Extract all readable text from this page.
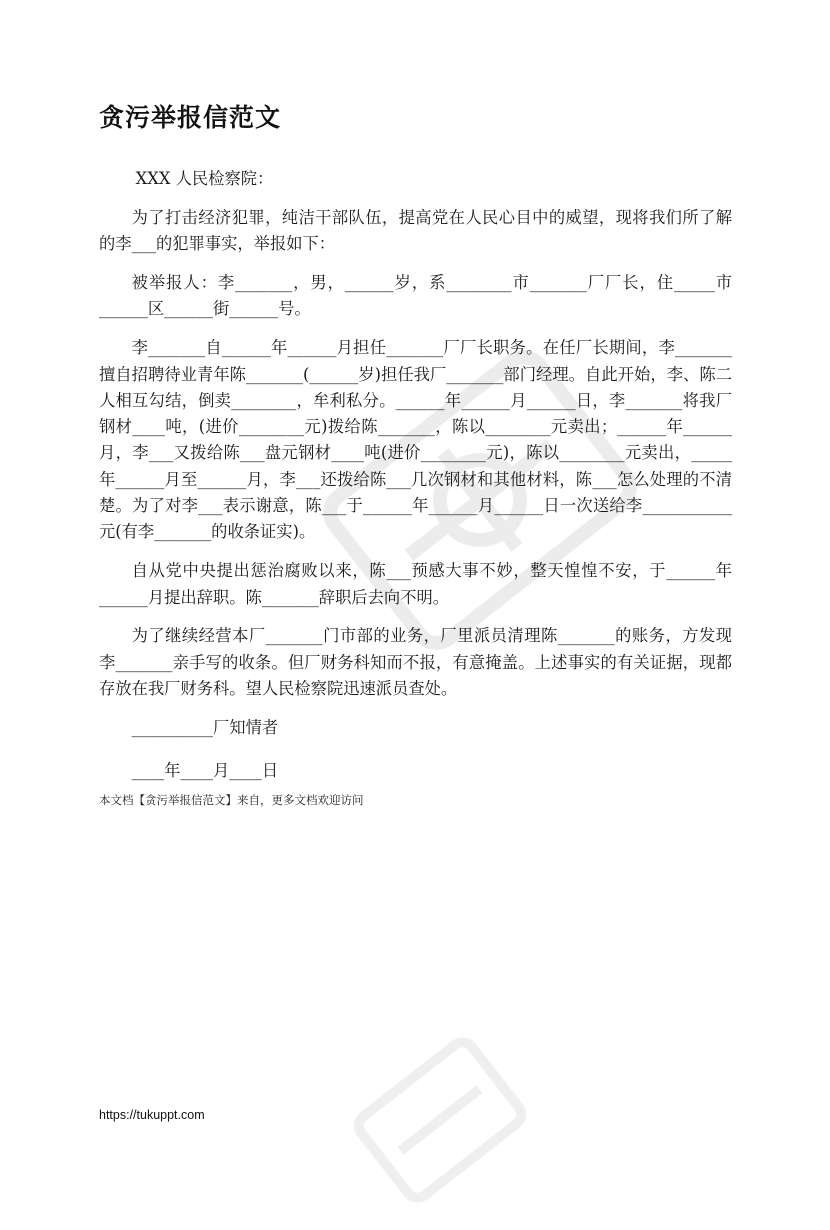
贪污举报信范文

XXX 人民检察院：

为了打击经济犯罪，纯洁干部队伍，提高党在人民心目中的威望，现将我们所了解的李___的犯罪事实，举报如下：

被举报人：李_______，男，______岁，系________市_______厂厂长，住_____市______区______街______号。

李_______自______年______月担任_______厂厂长职务。在任厂长期间，李_______擅自招聘待业青年陈_______(______岁)担任我厂_______部门经理。自此开始，李、陈二人相互勾结，倒卖________，牟利私分。______年______月______日，李_______将我厂钢材____吨，(进价________元)拨给陈_______，陈以________元卖出；______年______月，李___又拨给陈___盘元钢材____吨(进价________元)，陈以________元卖出，_____年______月至______月，李___还拨给陈___几次钢材和其他材料，陈___怎么处理的不清楚。为了对李___表示谢意，陈___于______年______月______日一次送给李___________元(有李_______的收条证实)。

自从党中央提出惩治腐败以来，陈___预感大事不妙，整天惶惶不安，于______年______月提出辞职。陈_______辞职后去向不明。

为了继续经营本厂_______门市部的业务，厂里派员清理陈_______的账务，方发现李_______亲手写的收条。但厂财务科知而不报，有意掩盖。上述事实的有关证据，现都存放在我厂财务科。望人民检察院迅速派员查处。

__________厂知情者

____年____月____日

本文档【贪污举报信范文】来自，更多文档欢迎访问

https://tukuppt.com
